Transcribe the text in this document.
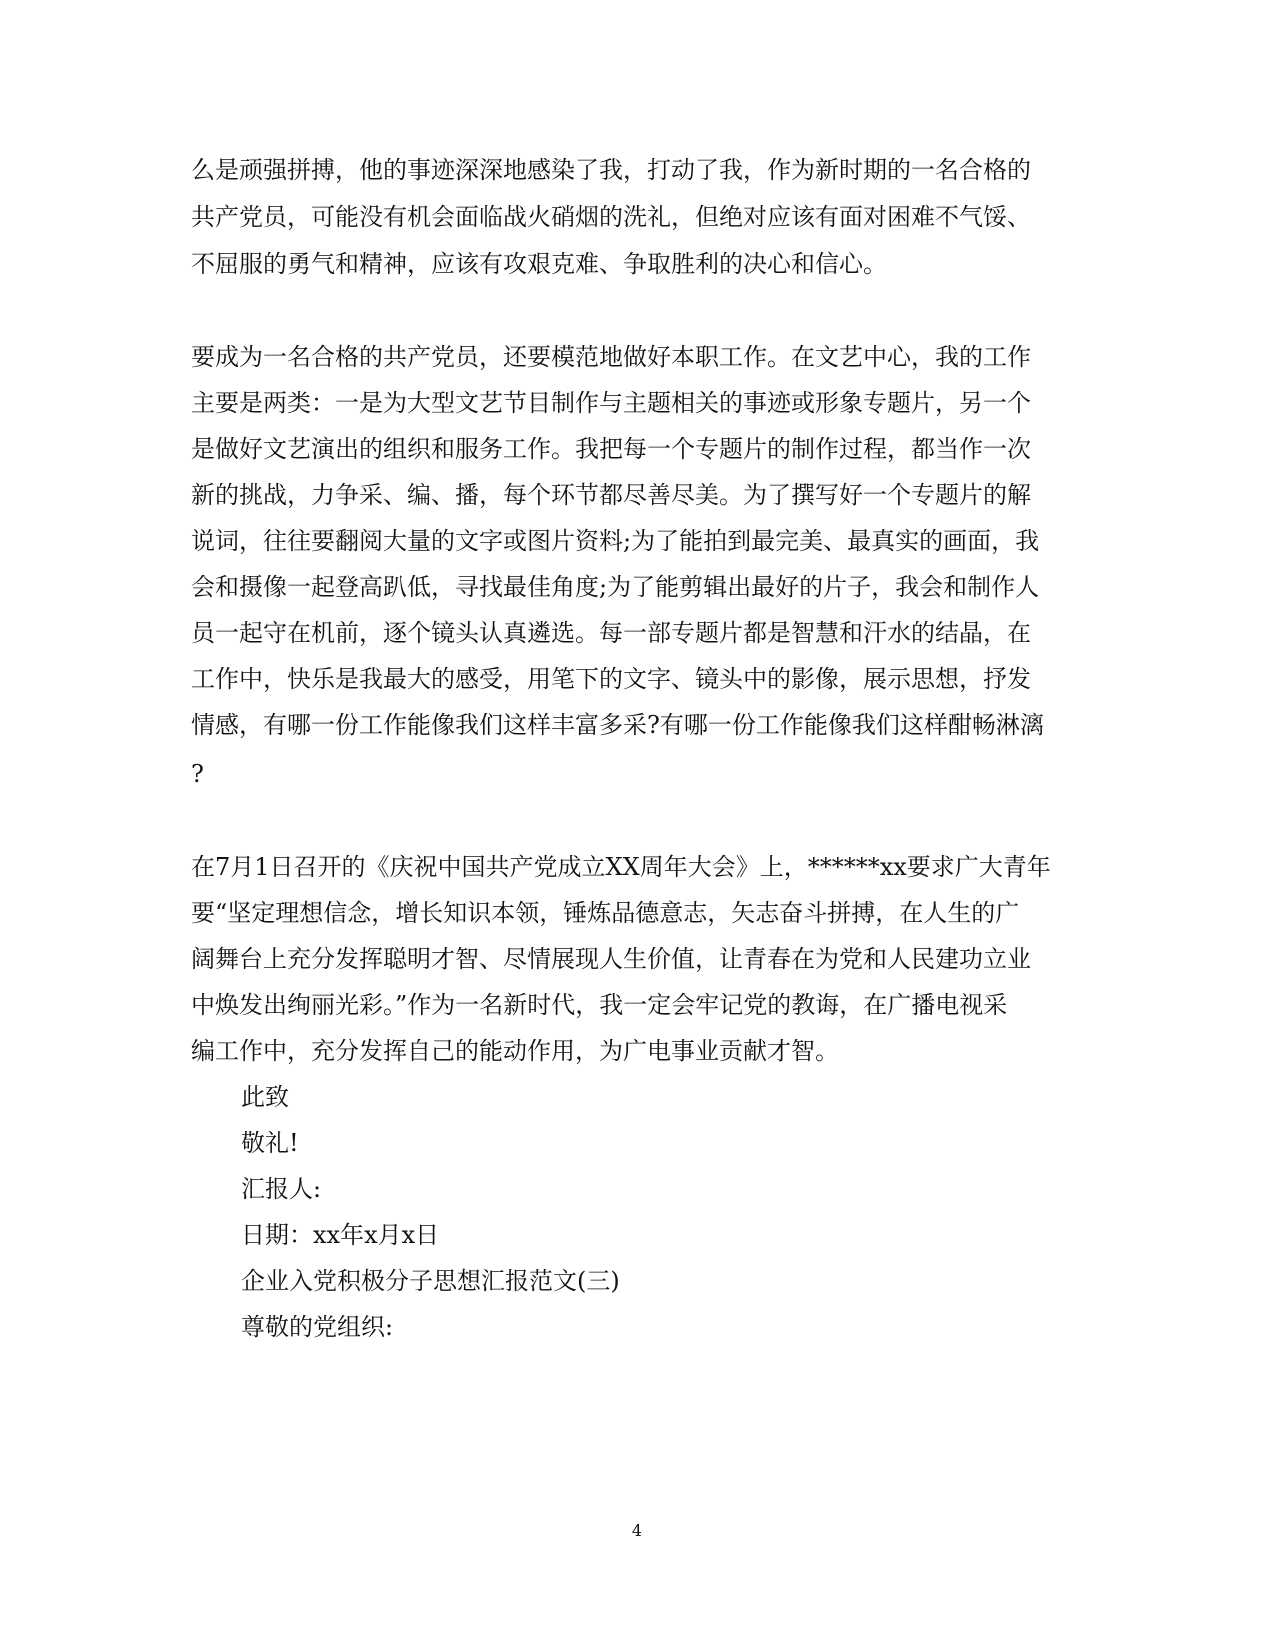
么是顽强拼搏，他的事迹深深地感染了我，打动了我，作为新时期的一名合格的
共产党员，可能没有机会面临战火硝烟的洗礼，但绝对应该有面对困难不气馁、
不屈服的勇气和精神，应该有攻艰克难、争取胜利的决心和信心。
要成为一名合格的共产党员，还要模范地做好本职工作。在文艺中心，我的工作
主要是两类：一是为大型文艺节目制作与主题相关的事迹或形象专题片，另一个
是做好文艺演出的组织和服务工作。我把每一个专题片的制作过程，都当作一次
新的挑战，力争采、编、播，每个环节都尽善尽美。为了撰写好一个专题片的解
说词，往往要翻阅大量的文字或图片资料;为了能拍到最完美、最真实的画面，我
会和摄像一起登高趴低，寻找最佳角度;为了能剪辑出最好的片子，我会和制作人
员一起守在机前，逐个镜头认真遴选。每一部专题片都是智慧和汗水的结晶，在
工作中，快乐是我最大的感受，用笔下的文字、镜头中的影像，展示思想，抒发
情感，有哪一份工作能像我们这样丰富多采?有哪一份工作能像我们这样酣畅淋漓
?
在7月1日召开的《庆祝中国共产党成立XX周年大会》上，******xx要求广大青年
要“坚定理想信念，增长知识本领，锤炼品德意志，矢志奋斗拼搏，在人生的广
阔舞台上充分发挥聪明才智、尽情展现人生价值，让青春在为党和人民建功立业
中焕发出绚丽光彩。”作为一名新时代，我一定会牢记党的教诲，在广播电视采
编工作中，充分发挥自己的能动作用，为广电事业贡献才智。
此致
敬礼!
汇报人:
日期：xx年x月x日
企业入党积极分子思想汇报范文(三)
尊敬的党组织:
4
